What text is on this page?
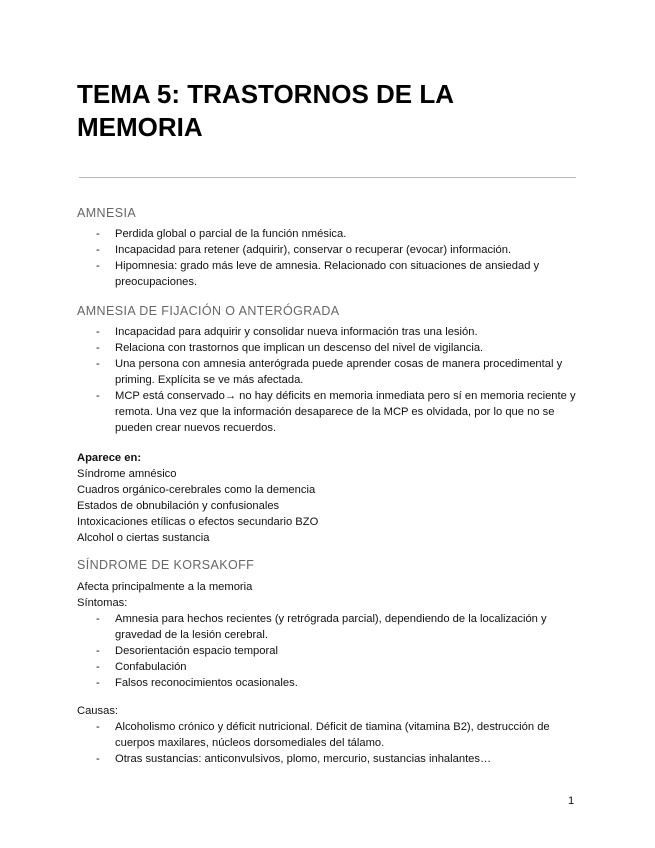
TEMA 5: TRASTORNOS DE LA MEMORIA
AMNESIA
- Perdida global o parcial de la función nmésica.
- Incapacidad para retener (adquirir), conservar o recuperar (evocar) información.
- Hipomnesia: grado más leve de amnesia. Relacionado con situaciones de ansiedad y preocupaciones.
AMNESIA DE FIJACIÓN O ANTERÓGRADA
- Incapacidad para adquirir y consolidar nueva información tras una lesión.
- Relaciona con trastornos que implican un descenso del nivel de vigilancia.
- Una persona con amnesia anterógrada puede aprender cosas de manera procedimental y priming. Explícita se ve más afectada.
- MCP está conservado→ no hay déficits en memoria inmediata pero sí en memoria reciente y remota. Una vez que la información desaparece de la MCP es olvidada, por lo que no se pueden crear nuevos recuerdos.
Aparece en:
Síndrome amnésico
Cuadros orgánico-cerebrales como la demencia
Estados de obnubilación y confusionales
Intoxicaciones etílicas o efectos secundario BZO
Alcohol o ciertas sustancia
SÍNDROME DE KORSAKOFF
Afecta principalmente a la memoria
Síntomas:
- Amnesia para hechos recientes (y retrógrada parcial), dependiendo de la localización y gravedad de la lesión cerebral.
- Desorientación espacio temporal
- Confabulación
- Falsos reconocimientos ocasionales.
Causas:
- Alcoholismo crónico y déficit nutricional. Déficit de tiamina (vitamina B2), destrucción de cuerpos maxilares, núcleos dorsomediales del tálamo.
- Otras sustancias: anticonvulsivos, plomo, mercurio, sustancias inhalantes…
1
